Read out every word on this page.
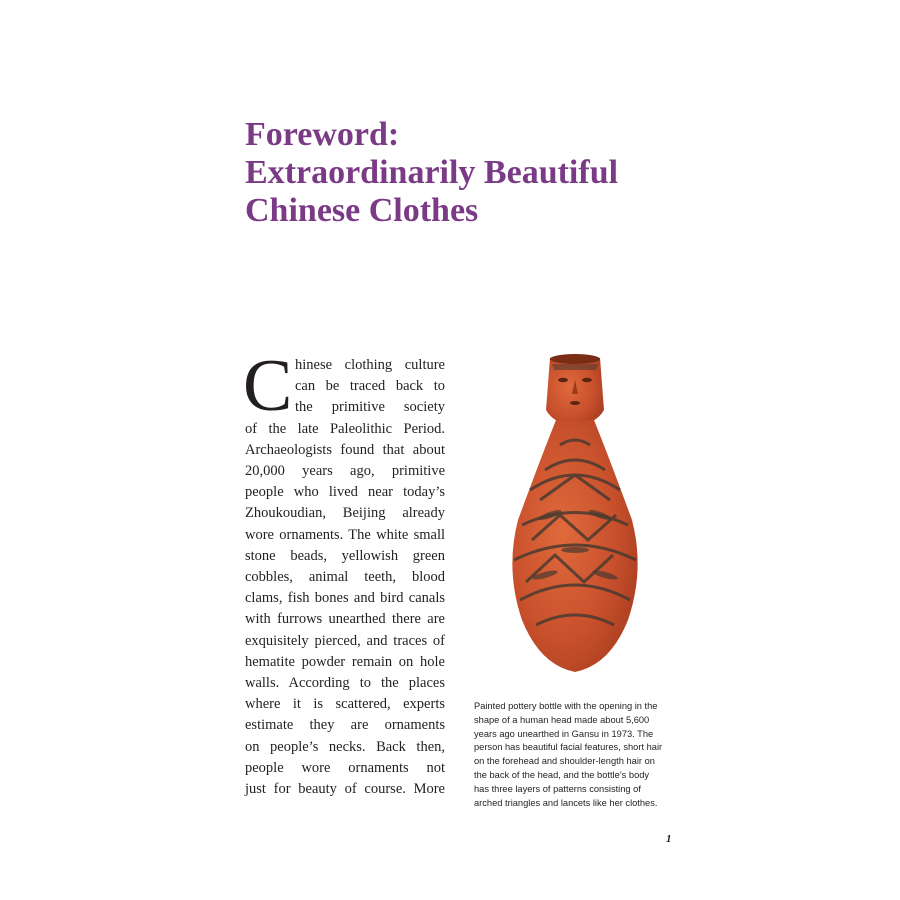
Foreword:
Extraordinarily Beautiful
Chinese Clothes
C hinese clothing culture
can be traced back to
the primitive society
of the late Paleolithic Period.
Archaeologists found that about
20,000 years ago, primitive
people who lived near today’s
Zhoukoudian, Beijing already
wore ornaments. The white small
stone beads, yellowish green
cobbles, animal teeth, blood
clams, fish bones and bird canals
with furrows unearthed there are
exquisitely pierced, and traces of
hematite powder remain on hole
walls. According to the places
where it is scattered, experts
estimate they are ornaments
on people’s necks. Back then,
people wore ornaments not
just for beauty of course. More
Painted pottery bottle with the opening in the
shape of a human head made about 5,600
years ago unearthed in Gansu in 1973. The
person has beautiful facial features, short hair
on the forehead and shoulder-length hair on
the back of the head, and the bottle’s body
has three layers of patterns consisting of
arched triangles and lancets like her clothes.
1
